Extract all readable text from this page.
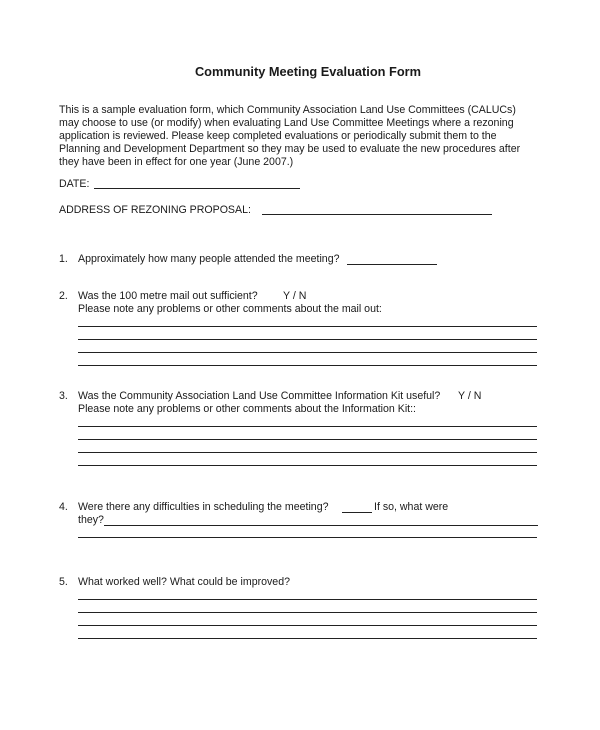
Community Meeting Evaluation Form
This is a sample evaluation form, which Community Association Land Use Committees (CALUCs)
may choose to use (or modify) when evaluating Land Use Committee Meetings where a rezoning
application is reviewed. Please keep completed evaluations or periodically submit them to the
Planning and Development Department so they may be used to evaluate the new procedures after
they have been in effect for one year (June 2007.)
DATE:
ADDRESS OF REZONING PROPOSAL:
1. Approximately how many people attended the meeting?
2. Was the 100 metre mail out sufficient? Y / N
Please note any problems or other comments about the mail out:
3. Was the Community Association Land Use Committee Information Kit useful? Y / N
Please note any problems or other comments about the Information Kit::
4. Were there any difficulties in scheduling the meeting?	If so, what were
they?
5. What worked well? What could be improved?
